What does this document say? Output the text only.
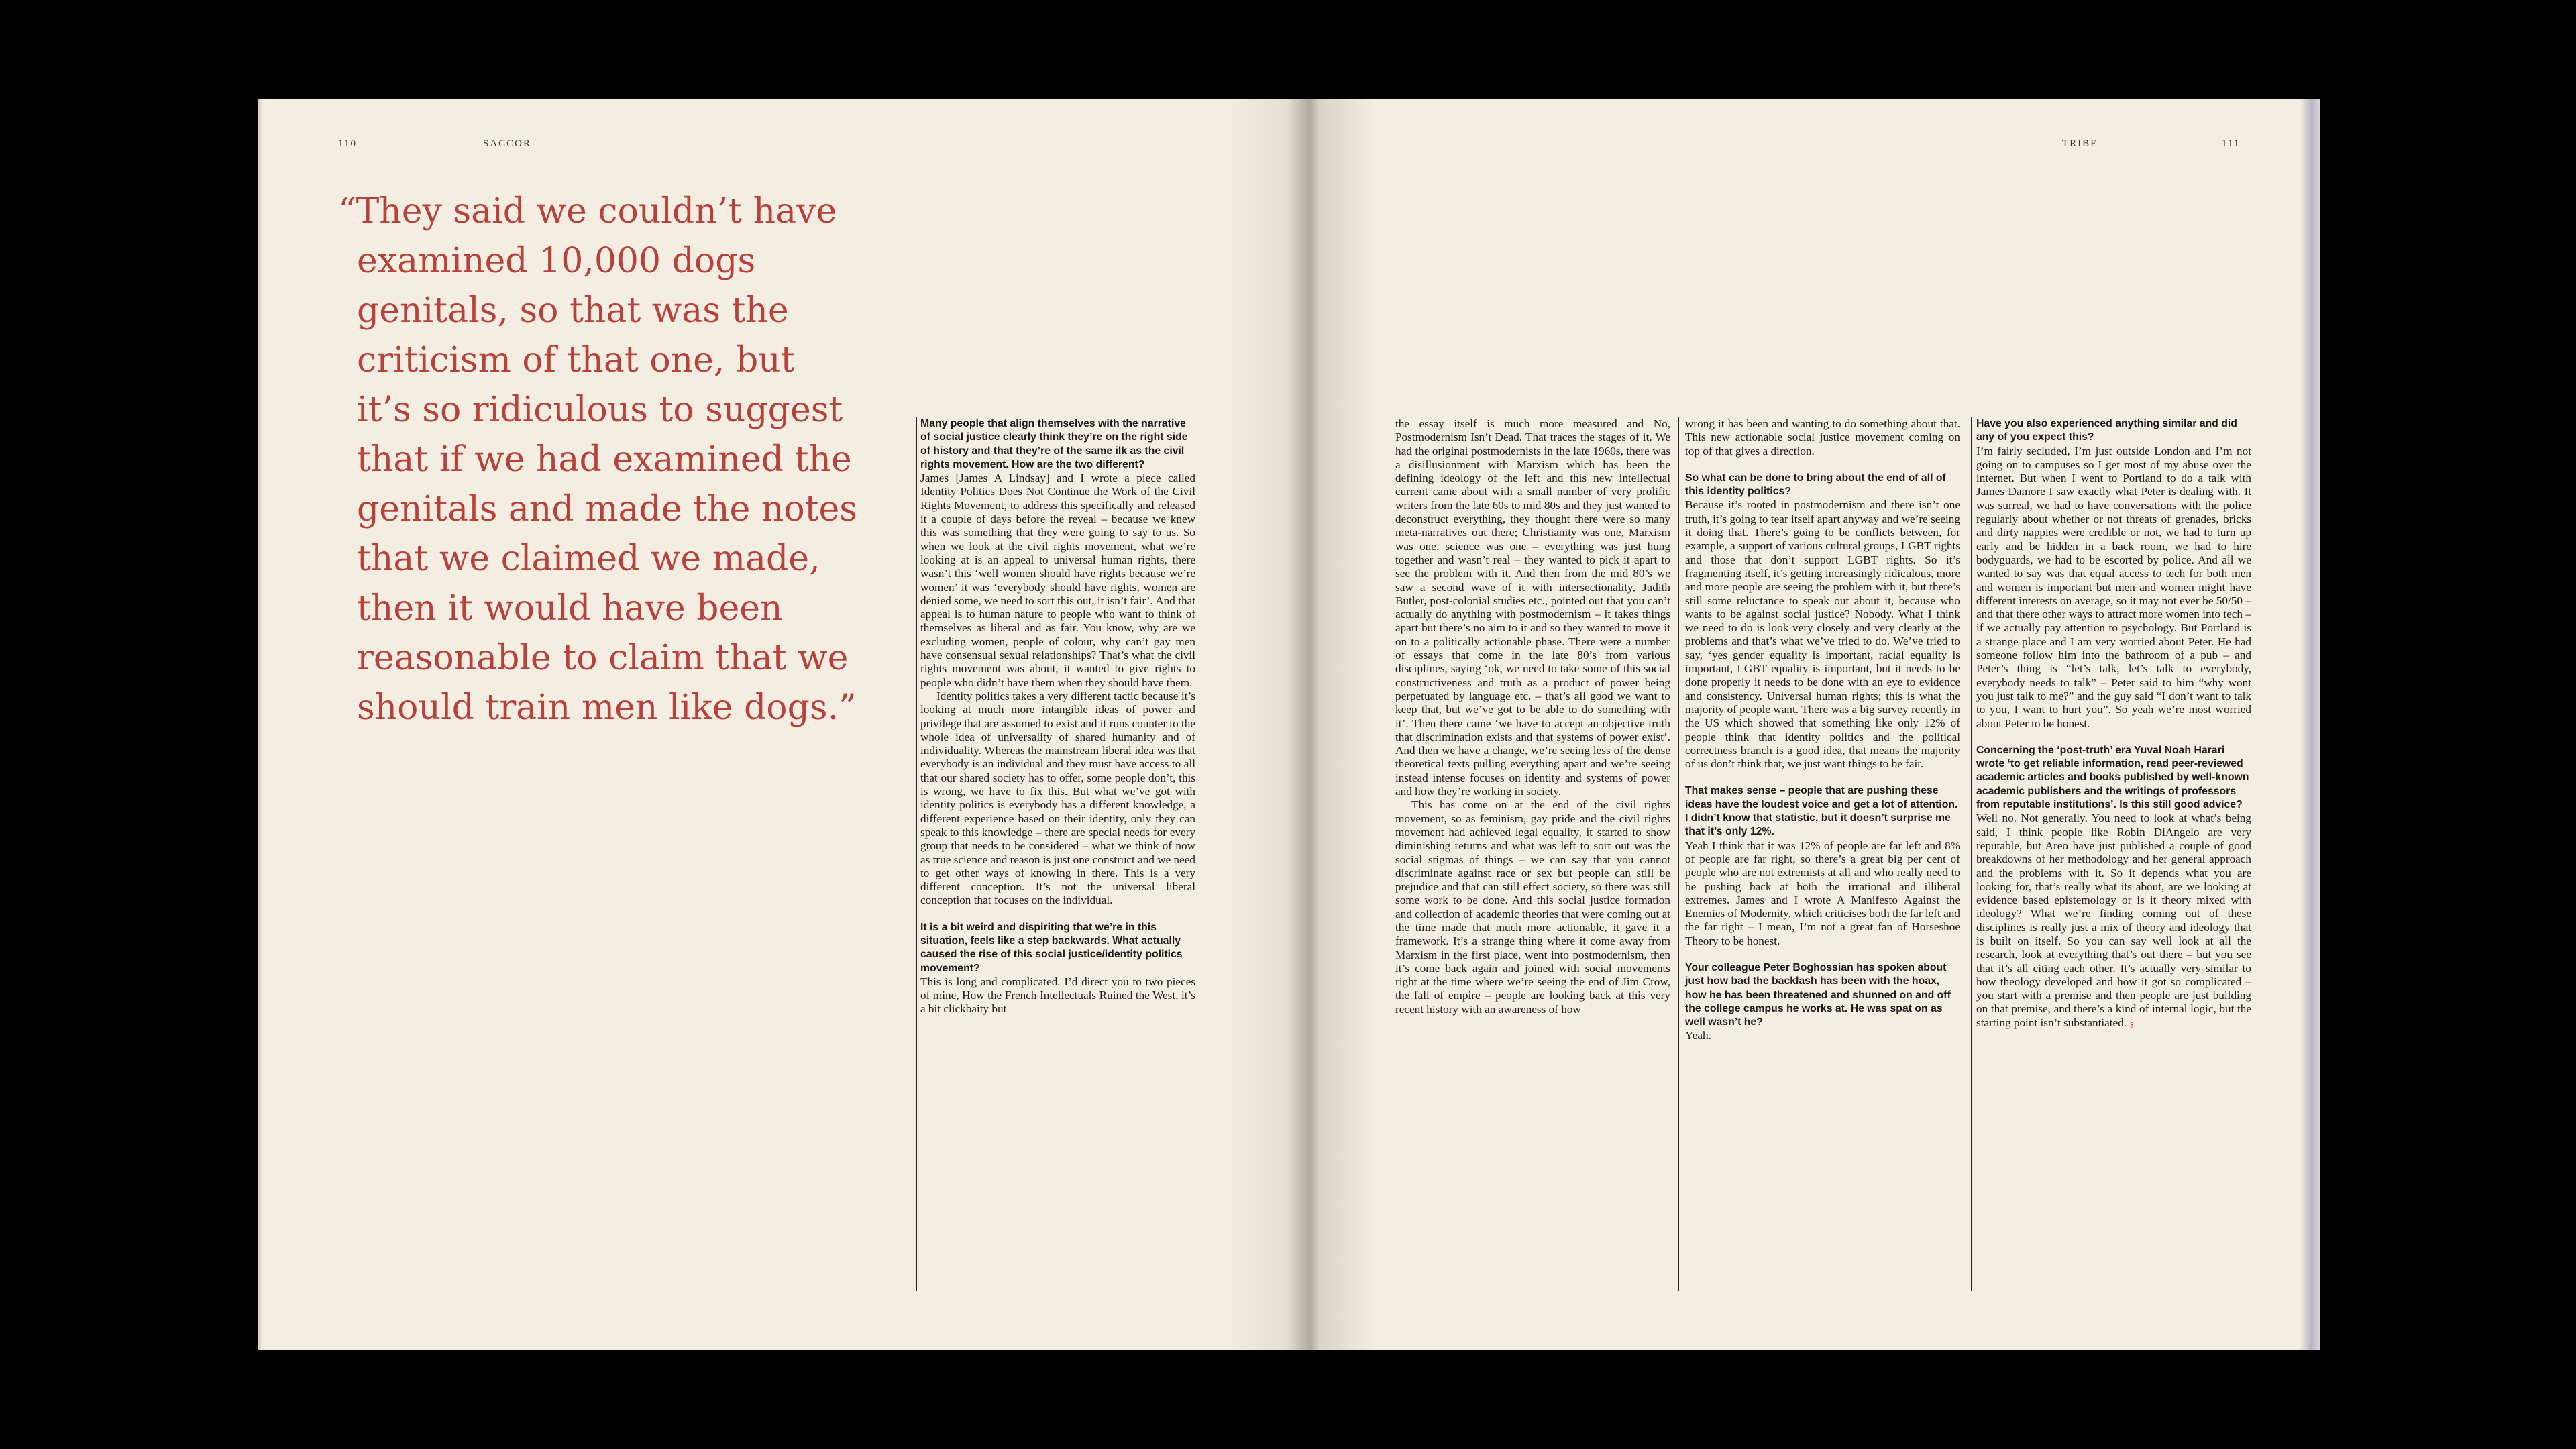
110	SACCOR	TRIBE	111
“They said we couldn’t have
examined 10,000 dogs
genitals, so that was the
criticism of that one, but
it’s so ridiculous to suggest
that if we had examined the
genitals and made the notes
that we claimed we made,
then it would have been
reasonable to claim that we
should train men like dogs.”

Many people that align themselves with the narrative of social justice clearly think they’re on the right side of history and that they’re of the same ilk as the civil rights movement. How are the two different?

James [James A Lindsay] and I wrote a piece called Identity Politics Does Not Continue the Work of the Civil Rights Movement, to address this specifically and released it a couple of days before the reveal – because we knew this was something that they were going to say to us. So when we look at the civil rights movement, what we’re looking at is an appeal to universal human rights, there wasn’t this ‘well women should have rights because we’re women’ it was ‘everybody should have rights, women are denied some, we need to sort this out, it isn’t fair’. And that appeal is to human nature to people who want to think of themselves as liberal and as fair. You know, why are we excluding women, people of colour, why can’t gay men have consensual sexual relationships? That’s what the civil rights movement was about, it wanted to give rights to people who didn’t have them when they should have them.

Identity politics takes a very different tactic because it’s looking at much more intangible ideas of power and privilege that are assumed to exist and it runs counter to the whole idea of universality of shared humanity and of individuality. Whereas the mainstream liberal idea was that everybody is an individual and they must have access to all that our shared society has to offer, some people don’t, this is wrong, we have to fix this. But what we’ve got with identity politics is everybody has a different knowledge, a different experience based on their identity, only they can speak to this knowledge – there are special needs for every group that needs to be considered – what we think of now as true science and reason is just one construct and we need to get other ways of knowing in there. This is a very different conception. It’s not the universal liberal conception that focuses on the individual.

It is a bit weird and dispiriting that we’re in this situation, feels like a step backwards. What actually caused the rise of this social justice/identity politics movement?

This is long and complicated. I’d direct you to two pieces of mine, How the French Intellectuals Ruined the West, it’s a bit clickbaity but

the essay itself is much more measured and No, Postmodernism Isn’t Dead. That traces the stages of it. We had the original postmodernists in the late 1960s, there was a disillusionment with Marxism which has been the defining ideology of the left and this new intellectual current came about with a small number of very prolific writers from the late 60s to mid 80s and they just wanted to deconstruct everything, they thought there were so many meta-narratives out there; Christianity was one, Marxism was one, science was one – everything was just hung together and wasn’t real – they wanted to pick it apart to see the problem with it. And then from the mid 80’s we saw a second wave of it with intersectionality, Judith Butler, post-colonial studies etc., pointed out that you can’t actually do anything with postmodernism – it takes things apart but there’s no aim to it and so they wanted to move it on to a politically actionable phase. There were a number of essays that come in the late 80’s from various disciplines, saying ‘ok, we need to take some of this social constructiveness and truth as a product of power being perpetuated by language etc. – that’s all good we want to keep that, but we’ve got to be able to do something with it’. Then there came ‘we have to accept an objective truth that discrimination exists and that systems of power exist’. And then we have a change, we’re seeing less of the dense theoretical texts pulling everything apart and we’re seeing instead intense focuses on identity and systems of power and how they’re working in society.

This has come on at the end of the civil rights movement, so as feminism, gay pride and the civil rights movement had achieved legal equality, it started to show diminishing returns and what was left to sort out was the social stigmas of things – we can say that you cannot discriminate against race or sex but people can still be prejudice and that can still effect society, so there was still some work to be done. And this social justice formation and collection of academic theories that were coming out at the time made that much more actionable, it gave it a framework. It’s a strange thing where it come away from Marxism in the first place, went into postmodernism, then it’s come back again and joined with social movements right at the time where we’re seeing the end of Jim Crow, the fall of empire – people are looking back at this very recent history with an awareness of how

wrong it has been and wanting to do something about that. This new actionable social justice movement coming on top of that gives a direction.

So what can be done to bring about the end of all of this identity politics?

Because it’s rooted in postmodernism and there isn’t one truth, it’s going to tear itself apart anyway and we’re seeing it doing that. There’s going to be conflicts between, for example, a support of various cultural groups, LGBT rights and those that don’t support LGBT rights. So it’s fragmenting itself, it’s getting increasingly ridiculous, more and more people are seeing the problem with it, but there’s still some reluctance to speak out about it, because who wants to be against social justice? Nobody. What I think we need to do is look very closely and very clearly at the problems and that’s what we’ve tried to do. We’ve tried to say, ‘yes gender equality is important, racial equality is important, LGBT equality is important, but it needs to be done properly it needs to be done with an eye to evidence and consistency. Universal human rights; this is what the majority of people want. There was a big survey recently in the US which showed that something like only 12% of people think that identity politics and the political correctness branch is a good idea, that means the majority of us don’t think that, we just want things to be fair.

That makes sense – people that are pushing these ideas have the loudest voice and get a lot of attention. I didn’t know that statistic, but it doesn’t surprise me that it’s only 12%.

Yeah I think that it was 12% of people are far left and 8% of people are far right, so there’s a great big per cent of people who are not extremists at all and who really need to be pushing back at both the irrational and illiberal extremes. James and I wrote A Manifesto Against the Enemies of Modernity, which criticises both the far left and the far right – I mean, I’m not a great fan of Horseshoe Theory to be honest.

Your colleague Peter Boghossian has spoken about just how bad the backlash has been with the hoax, how he has been threatened and shunned on and off the college campus he works at. He was spat on as well wasn’t he?

Yeah.

Have you also experienced anything similar and did any of you expect this?

I’m fairly secluded, I’m just outside London and I’m not going on to campuses so I get most of my abuse over the internet. But when I went to Portland to do a talk with James Damore I saw exactly what Peter is dealing with. It was surreal, we had to have conversations with the police regularly about whether or not threats of grenades, bricks and dirty nappies were credible or not, we had to turn up early and be hidden in a back room, we had to hire bodyguards, we had to be escorted by police. And all we wanted to say was that equal access to tech for both men and women is important but men and women might have different interests on average, so it may not ever be 50/50 – and that there other ways to attract more women into tech – if we actually pay attention to psychology. But Portland is a strange place and I am very worried about Peter. He had someone follow him into the bathroom of a pub – and Peter’s thing is “let’s talk, let’s talk to everybody, everybody needs to talk” – Peter said to him “why wont you just talk to me?” and the guy said “I don’t want to talk to you, I want to hurt you”. So yeah we’re most worried about Peter to be honest.

Concerning the ‘post-truth’ era Yuval Noah Harari wrote ‘to get reliable information, read peer-reviewed academic articles and books published by well-known academic publishers and the writings of professors from reputable institutions’. Is this still good advice?

Well no. Not generally. You need to look at what’s being said, I think people like Robin DiAngelo are very reputable, but Areo have just published a couple of good breakdowns of her methodology and her general approach and the problems with it. So it depends what you are looking for, that’s really what its about, are we looking at evidence based epistemology or is it theory mixed with ideology? What we’re finding coming out of these disciplines is really just a mix of theory and ideology that is built on itself. So you can say well look at all the research, look at everything that’s out there – but you see that it’s all citing each other. It’s actually very similar to how theology developed and how it got so complicated – you start with a premise and then people are just building on that premise, and there’s a kind of internal logic, but the starting point isn’t substantiated. §
